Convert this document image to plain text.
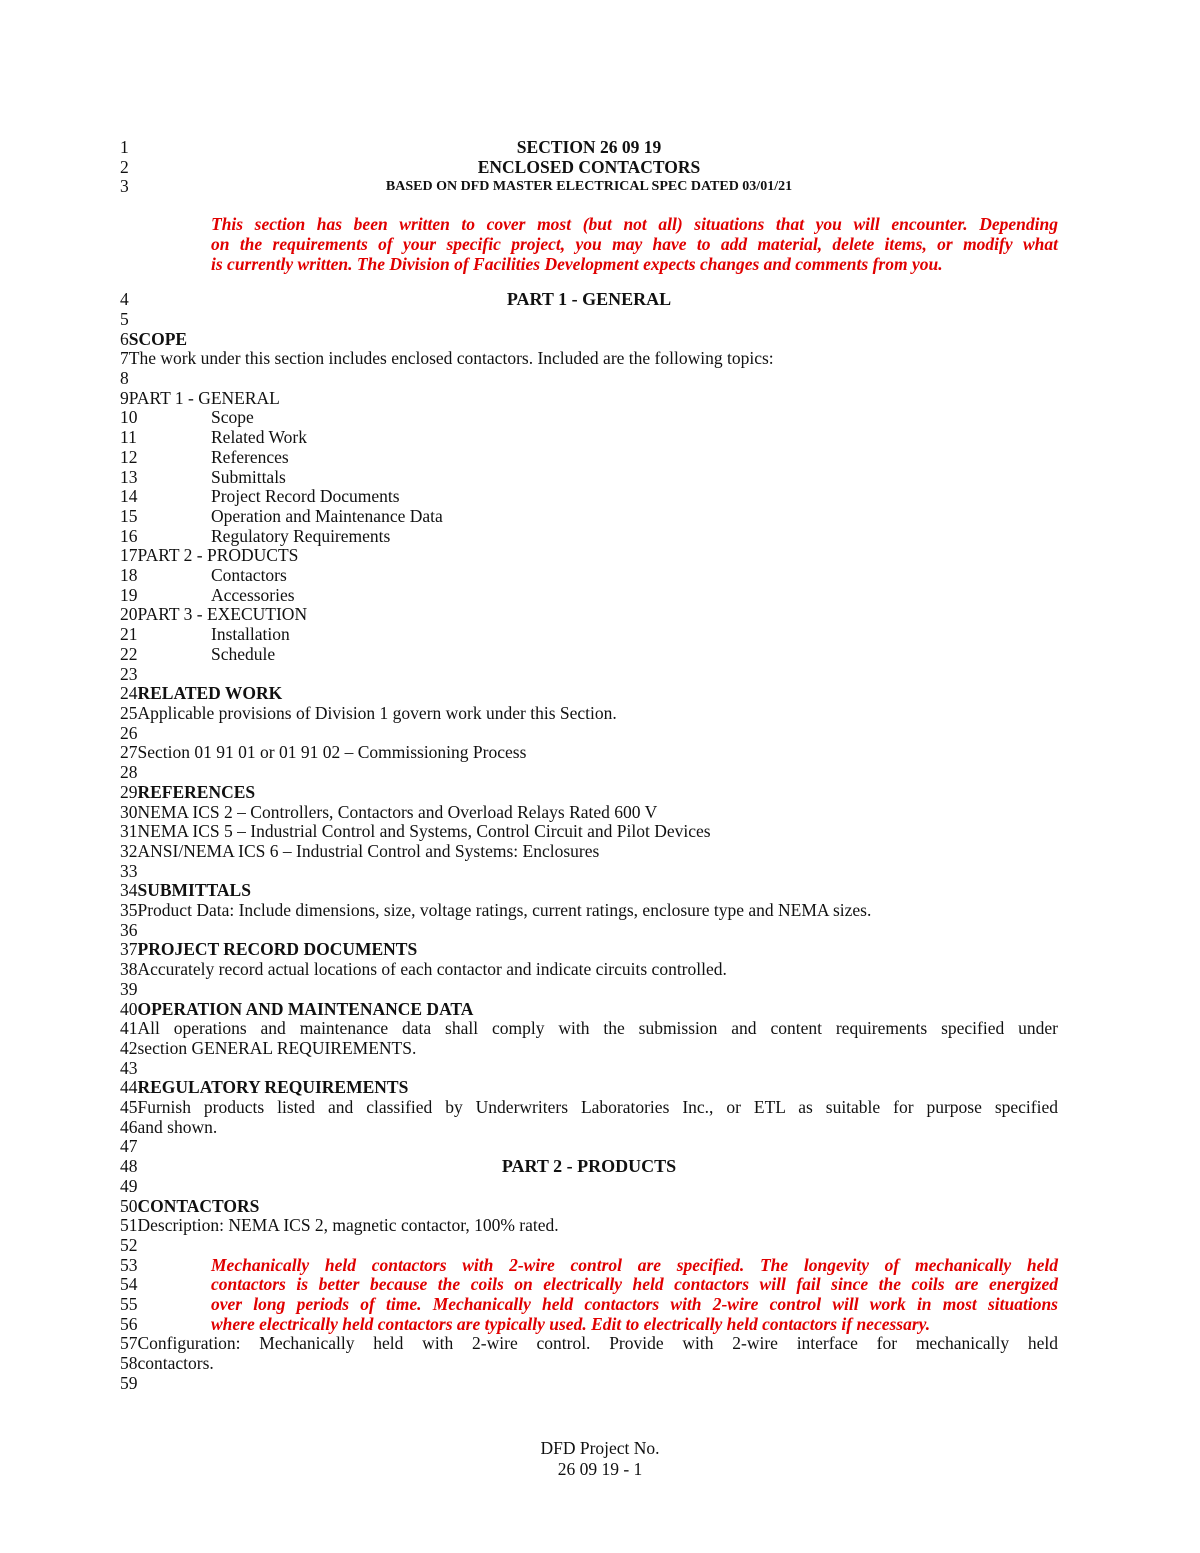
1	SECTION 26 09 19
2	ENCLOSED CONTACTORS
3	BASED ON DFD MASTER ELECTRICAL SPEC DATED 03/01/21
This section has been written to cover most (but not all) situations that you will encounter. Depending
on the requirements of your specific project, you may have to add material, delete items, or modify what
is currently written. The Division of Facilities Development expects changes and comments from you.
4	PART 1 - GENERAL
5
6SCOPE
7The work under this section includes enclosed contactors. Included are the following topics:
8
9PART 1 - GENERAL
10	Scope
11	Related Work
12	References
13	Submittals
14	Project Record Documents
15	Operation and Maintenance Data
16	Regulatory Requirements
17PART 2 - PRODUCTS
18	Contactors
19	Accessories
20PART 3 - EXECUTION
21	Installation
22	Schedule
23
24RELATED WORK
25Applicable provisions of Division 1 govern work under this Section.
26
27Section 01 91 01 or 01 91 02 – Commissioning Process
28
29REFERENCES
30NEMA ICS 2 – Controllers, Contactors and Overload Relays Rated 600 V
31NEMA ICS 5 – Industrial Control and Systems, Control Circuit and Pilot Devices
32ANSI/NEMA ICS 6 – Industrial Control and Systems: Enclosures
33
34SUBMITTALS
35Product Data: Include dimensions, size, voltage ratings, current ratings, enclosure type and NEMA sizes.
36
37PROJECT RECORD DOCUMENTS
38Accurately record actual locations of each contactor and indicate circuits controlled.
39
40OPERATION AND MAINTENANCE DATA
41 All operations and maintenance data shall comply with the submission and content requirements specified under
42section GENERAL REQUIREMENTS.
43
44REGULATORY REQUIREMENTS
45 Furnish products listed and classified by Underwriters Laboratories Inc., or ETL as suitable for purpose specified
46and shown.
47
48	PART 2 - PRODUCTS
49
50CONTACTORS
51Description: NEMA ICS 2, magnetic contactor, 100% rated.
52
53	Mechanically held contactors with 2-wire control are specified. The longevity of mechanically held
54	contactors is better because the coils on electrically held contactors will fail since the coils are energized
55	over long periods of time. Mechanically held contactors with 2-wire control will work in most situations
56	where electrically held contactors are typically used. Edit to electrically held contactors if necessary.
57 Configuration: Mechanically held with 2-wire control. Provide with 2-wire interface for mechanically held
58contactors.
59
DFD Project No.
26 09 19 - 1
